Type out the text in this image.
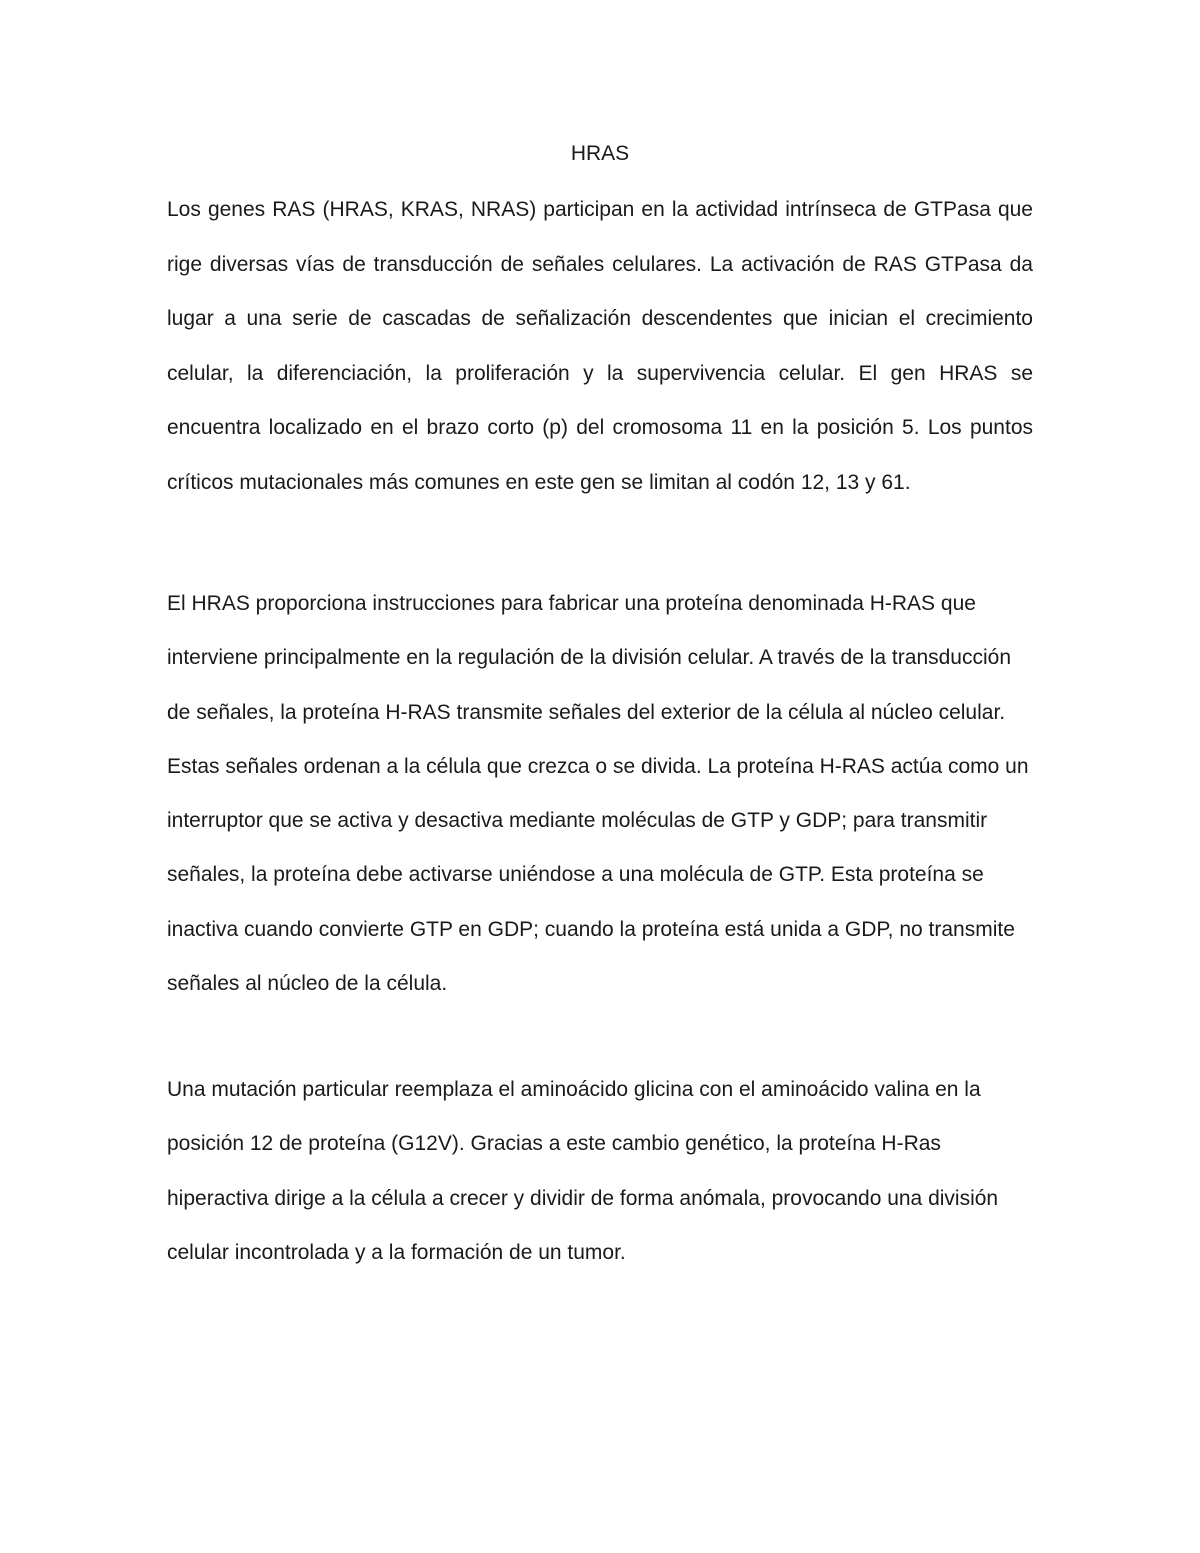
HRAS

Los genes RAS (HRAS, KRAS, NRAS) participan en la actividad intrínseca de GTPasa que rige diversas vías de transducción de señales celulares. La activación de RAS GTPasa da lugar a una serie de cascadas de señalización descendentes que inician el crecimiento celular, la diferenciación, la proliferación y la supervivencia celular. El gen HRAS se encuentra localizado en el brazo corto (p) del cromosoma 11 en la posición 5. Los puntos críticos mutacionales más comunes en este gen se limitan al codón 12, 13 y 61.

El HRAS proporciona instrucciones para fabricar una proteína denominada H-RAS que interviene principalmente en la regulación de la división celular. A través de la transducción de señales, la proteína H-RAS transmite señales del exterior de la célula al núcleo celular. Estas señales ordenan a la célula que crezca o se divida. La proteína H-RAS actúa como un interruptor que se activa y desactiva mediante moléculas de GTP y GDP; para transmitir señales, la proteína debe activarse uniéndose a una molécula de GTP. Esta proteína se inactiva cuando convierte GTP en GDP; cuando la proteína está unida a GDP, no transmite señales al núcleo de la célula.

Una mutación particular reemplaza el aminoácido glicina con el aminoácido valina en la posición 12 de proteína (G12V). Gracias a este cambio genético, la proteína H-Ras hiperactiva dirige a la célula a crecer y dividir de forma anómala, provocando una división celular incontrolada y a la formación de un tumor.
